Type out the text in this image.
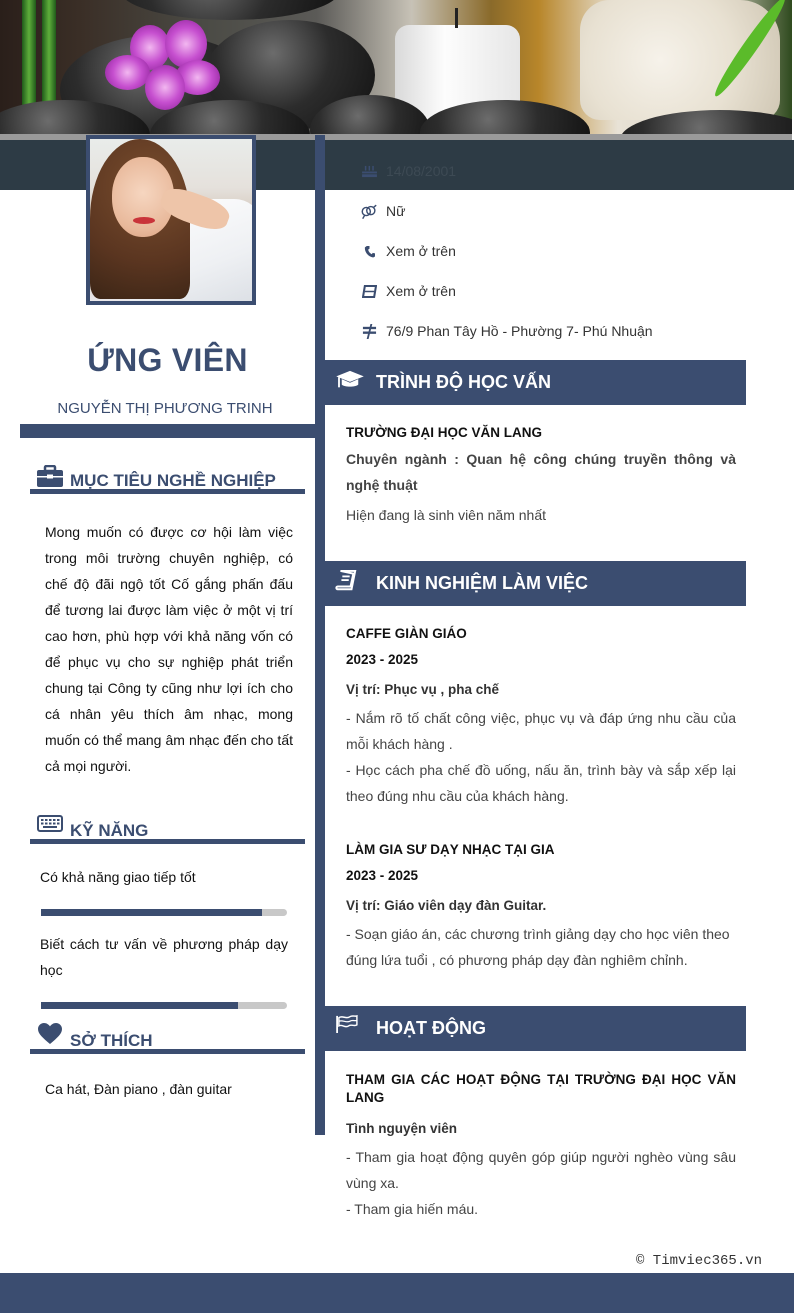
ỨNG VIÊN
NGUYỄN THỊ PHƯƠNG TRINH
MỤC TIÊU NGHỀ NGHIỆP
Mong muốn có được cơ hội làm việc trong môi trường chuyên nghiệp, có chế độ đãi ngộ tốt Cố gắng phấn đấu để tương lai được làm việc ở một vị trí cao hơn, phù hợp với khả năng vốn có để phục vụ cho sự nghiệp phát triển chung tại Công ty cũng như lợi ích cho cá nhân yêu thích âm nhạc, mong muốn có thể mang âm nhạc đến cho tất cả mọi người.
KỸ NĂNG
Có khả năng giao tiếp tốt
Biết cách tư vấn về phương pháp dạy học
SỞ THÍCH
Ca hát, Đàn piano , đàn guitar
14/08/2001
Nữ
Xem ở trên
Xem ở trên
76/9 Phan Tây Hồ - Phường 7- Phú Nhuận
TRÌNH ĐỘ HỌC VẤN
TRƯỜNG ĐẠI HỌC VĂN LANG
Chuyên ngành : Quan hệ công chúng truyền thông và nghệ thuật
Hiện đang là sinh viên năm nhất
KINH NGHIỆM LÀM VIỆC
CAFFE GIÀN GIÁO
2023 - 2025
Vị trí: Phục vụ , pha chế
- Nắm rõ tố chất công việc, phục vụ và đáp ứng nhu cầu của mỗi khách hàng .
- Học cách pha chế đồ uống, nấu ăn, trình bày và sắp xếp lại theo đúng nhu cầu của khách hàng.
LÀM GIA SƯ DẠY NHẠC TẠI GIA
2023 - 2025
Vị trí: Giáo viên dạy đàn Guitar.
- Soạn giáo án, các chương trình giảng dạy cho học viên theo đúng lứa tuổi , có phương pháp dạy đàn nghiêm chỉnh.
HOẠT ĐỘNG
THAM GIA CÁC HOẠT ĐỘNG TẠI TRƯỜNG ĐẠI HỌC VĂN LANG
Tình nguyện viên
- Tham gia hoạt động quyên góp giúp người nghèo vùng sâu vùng xa.
- Tham gia hiến máu.
© Timviec365.vn
